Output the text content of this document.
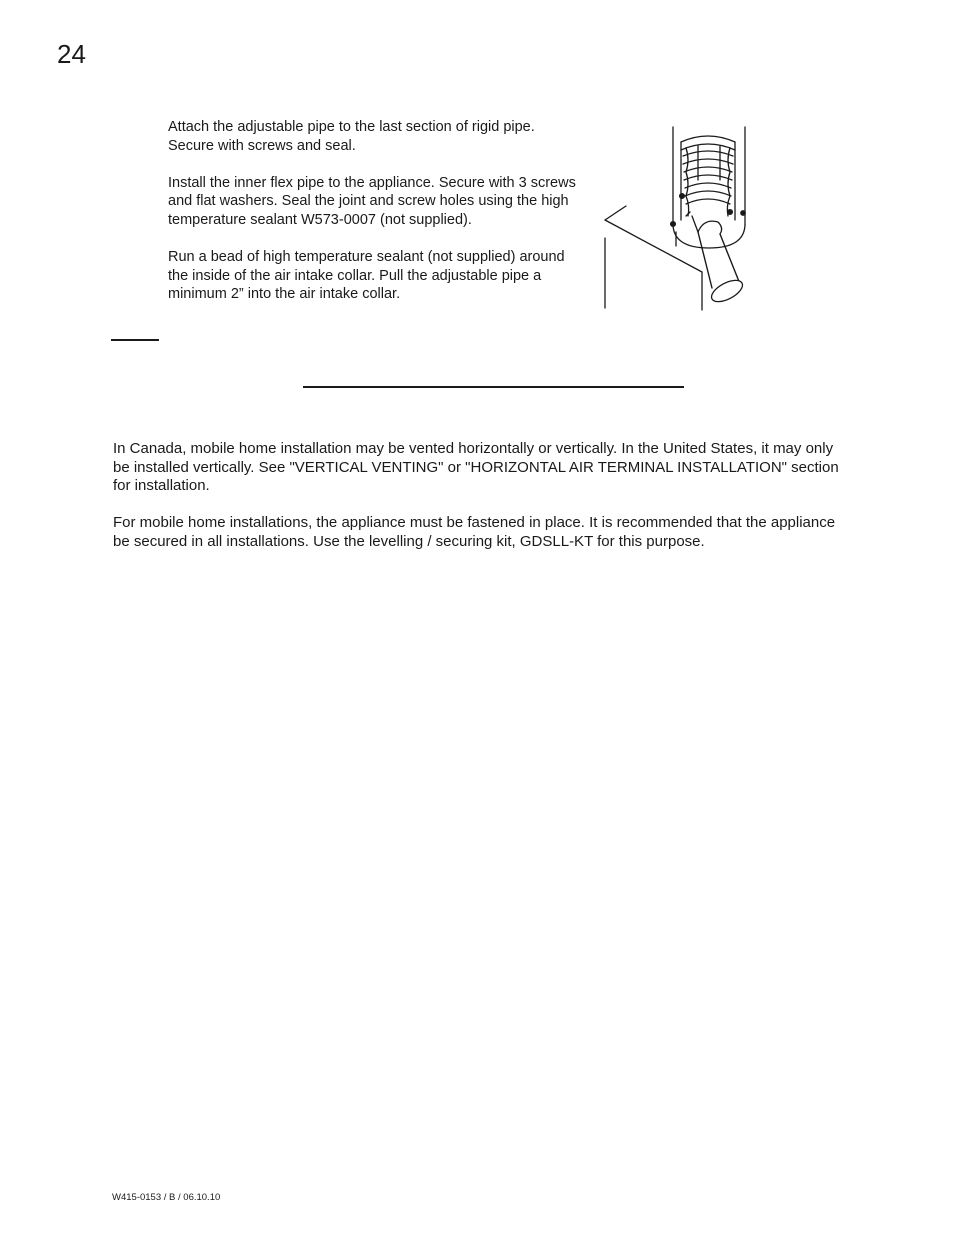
24

Attach the adjustable pipe to the last section of rigid pipe.
Secure with screws and seal.

Install the inner flex pipe to the appliance. Secure with 3 screws
and flat washers. Seal the joint and screw holes using the high
temperature sealant W573-0007 (not supplied).

Run a bead of high temperature sealant (not supplied) around
the inside of the air intake collar. Pull the adjustable pipe a
minimum 2” into the air intake collar.

In Canada, mobile home installation may be vented horizontally or vertically. In the United States, it may only
be installed vertically. See "VERTICAL VENTING" or "HORIZONTAL AIR TERMINAL INSTALLATION" section
for installation.

For mobile home installations, the appliance must be fastened in place. It is recommended that the appliance
be secured in all installations. Use the levelling / securing kit, GDSLL-KT for this purpose.

W415-0153 / B / 06.10.10
